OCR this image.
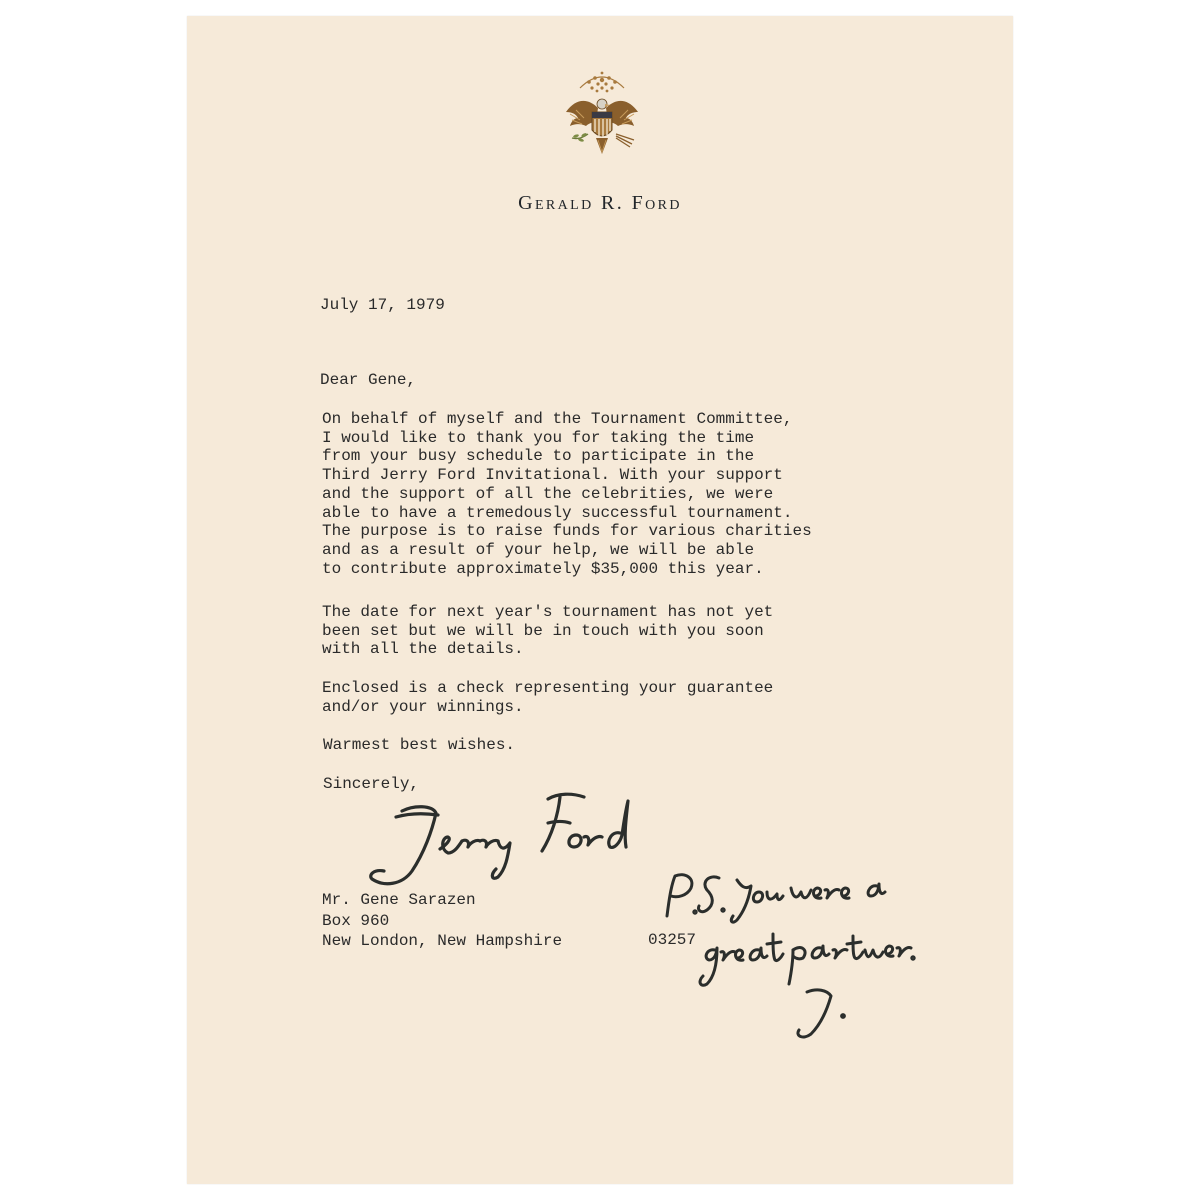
Gerald R. Ford
July 17, 1979
Dear Gene,
On behalf of myself and the Tournament Committee,
I would like to thank you for taking the time
from your busy schedule to participate in the
Third Jerry Ford Invitational. With your support
and the support of all the celebrities, we were
able to have a tremedously successful tournament.
The purpose is to raise funds for various charities
and as a result of your help, we will be able
to contribute approximately $35,000 this year.
The date for next year's tournament has not yet
been set but we will be in touch with you soon
with all the details.
Enclosed is a check representing your guarantee
and/or your winnings.
Warmest best wishes.
Sincerely,
Mr. Gene Sarazen
Box 960
New London, New Hampshire	03257
